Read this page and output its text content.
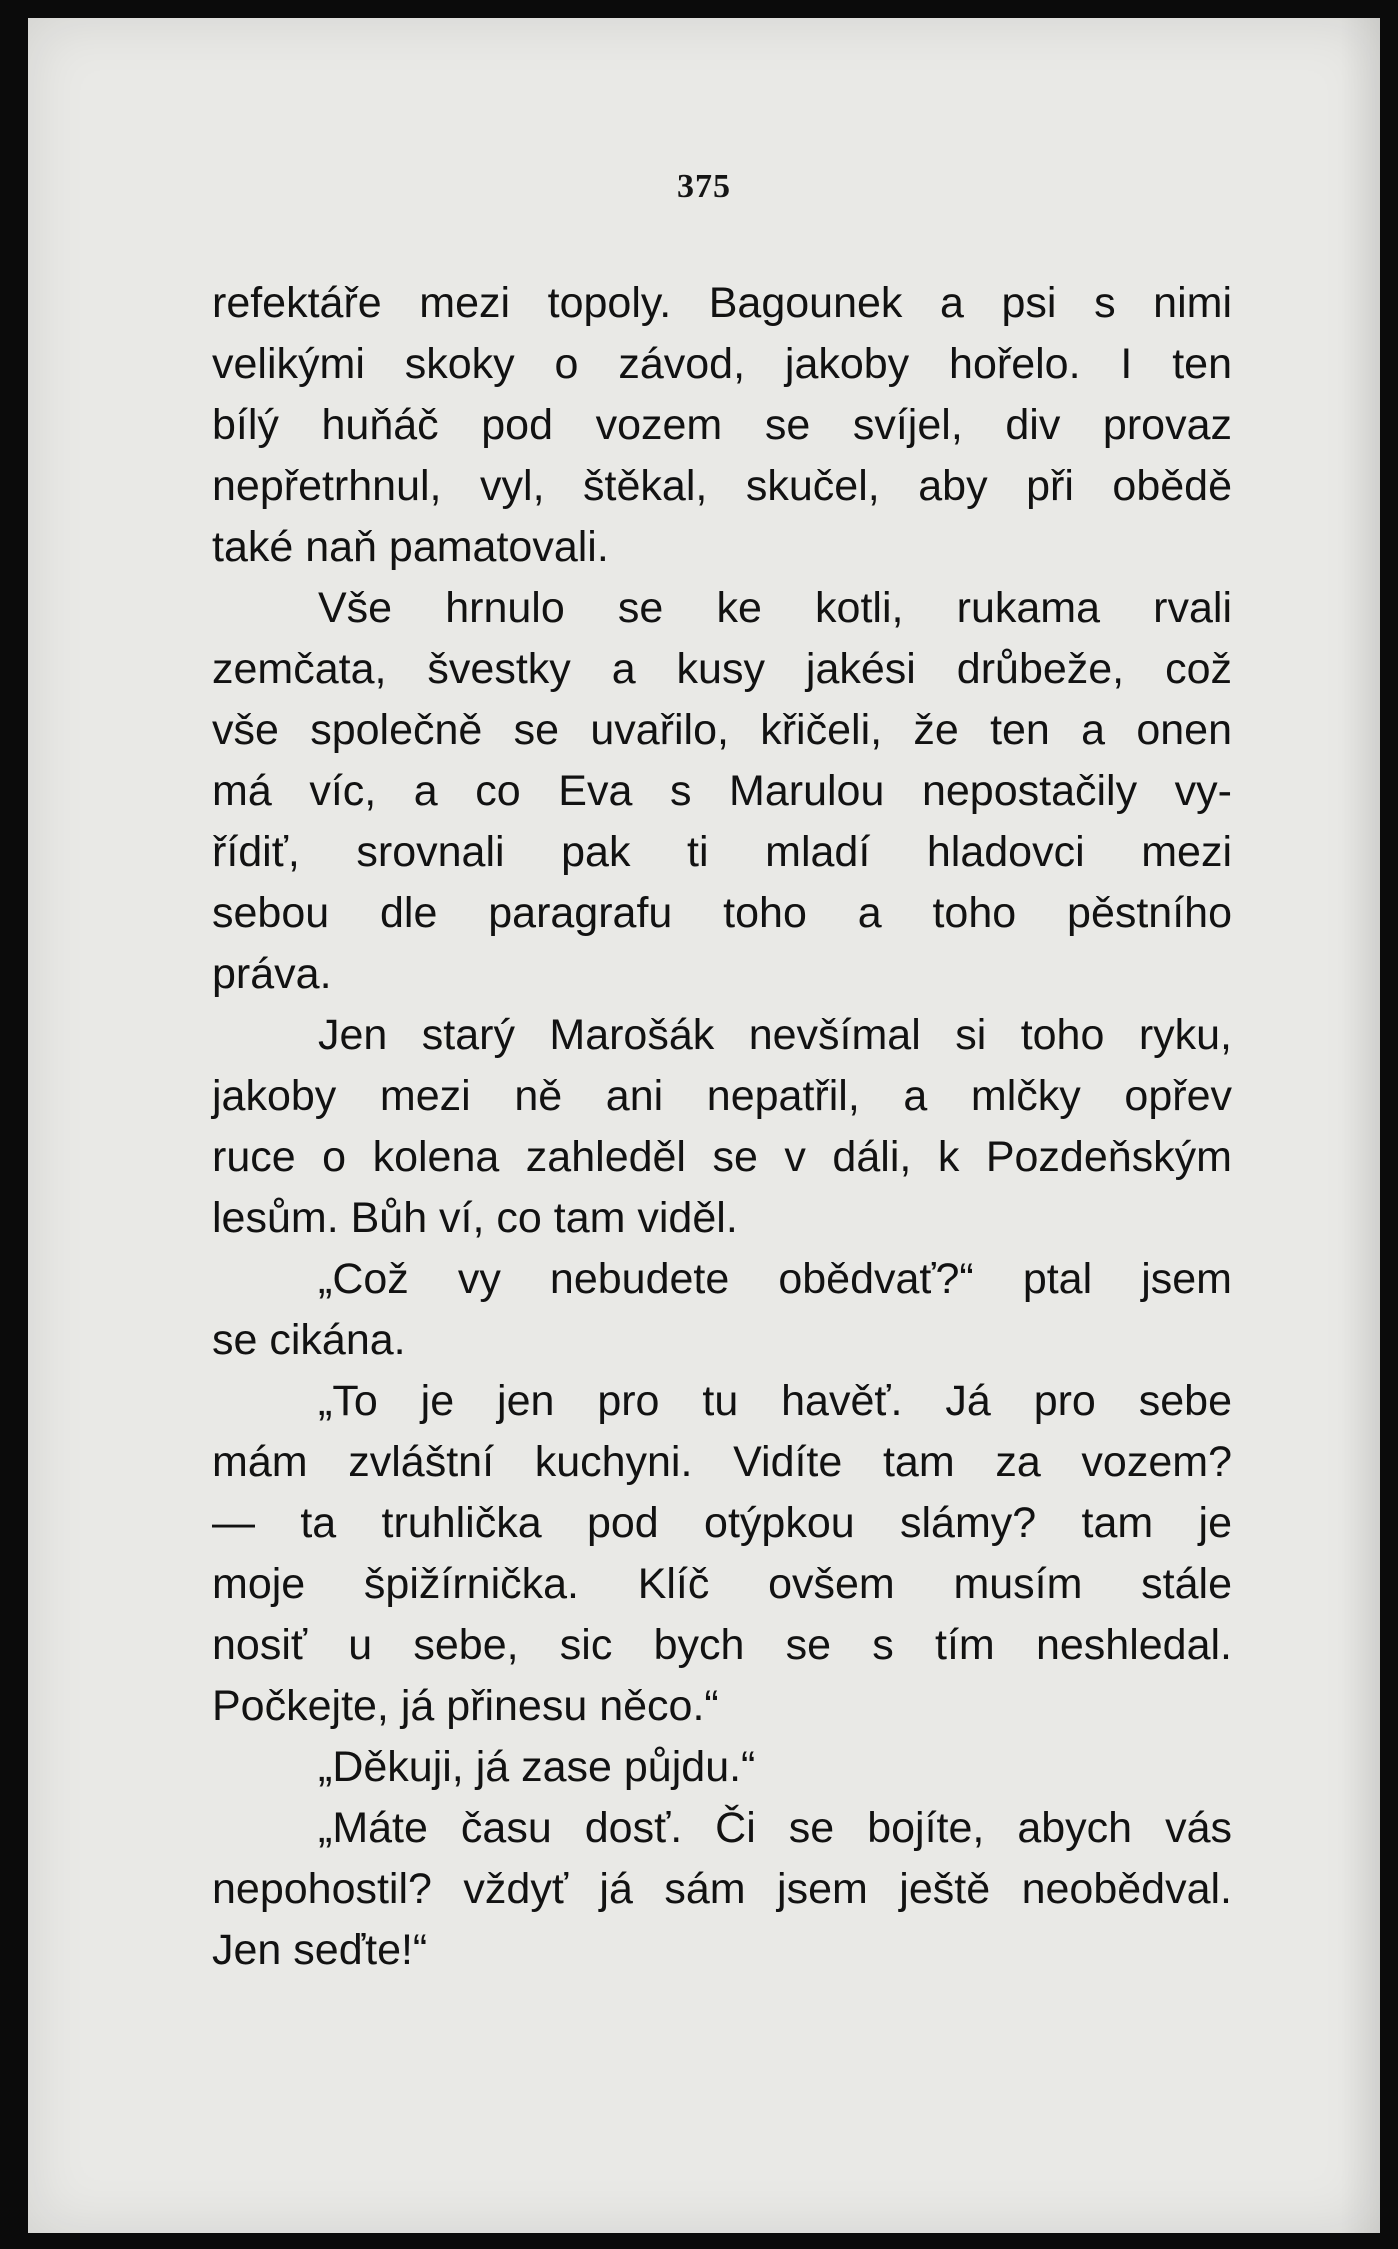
375
refektáře mezi topoly. Bagounek a psi s nimi
velikými skoky o závod, jakoby hořelo. I ten
bílý huňáč pod vozem se svíjel, div provaz
nepřetrhnul, vyl, štěkal, skučel, aby při obědě
také naň pamatovali.
Vše hrnulo se ke kotli, rukama rvali
zemčata, švestky a kusy jakési drůbeže, což
vše společně se uvařilo, křičeli, že ten a onen
má víc, a co Eva s Marulou nepostačily vy-
řídiť, srovnali pak ti mladí hladovci mezi
sebou dle paragrafu toho a toho pěstního
práva.
Jen starý Marošák nevšímal si toho ryku,
jakoby mezi ně ani nepatřil, a mlčky opřev
ruce o kolena zahleděl se v dáli, k Pozdeňským
lesům. Bůh ví, co tam viděl.
„Což vy nebudete obědvať?“ ptal jsem
se cikána.
„To je jen pro tu havěť. Já pro sebe
mám zvláštní kuchyni. Vidíte tam za vozem?
— ta truhlička pod otýpkou slámy? tam je
moje špižírnička. Klíč ovšem musím stále
nosiť u sebe, sic bych se s tím neshledal.
Počkejte, já přinesu něco.“
„Děkuji, já zase půjdu.“
„Máte času dosť. Či se bojíte, abych vás
nepohostil? vždyť já sám jsem ještě neobědval.
Jen seďte!“
